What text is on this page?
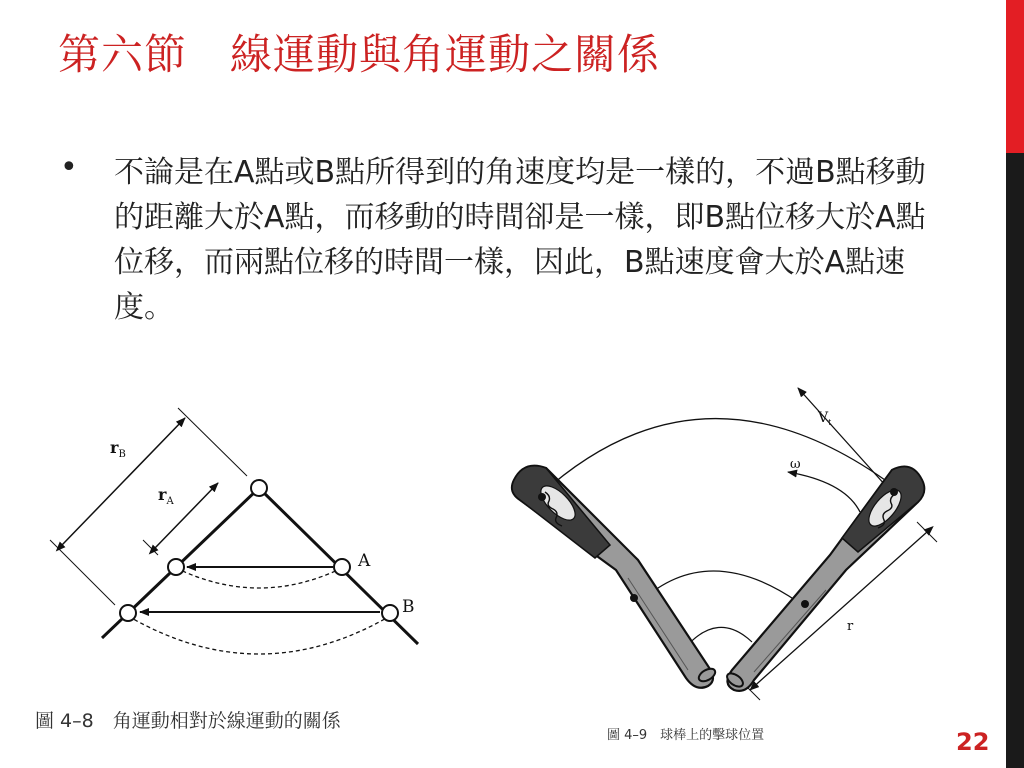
第六節　線運動與角運動之關係
• 不論是在A點或B點所得到的角速度均是一樣的，不過B點移動的距離大於A點，而移動的時間卻是一樣，即B點位移大於A點位移，而兩點位移的時間一樣，因此，B點速度會大於A點速度。
$r_B$
$r_A$
A
B
圖 4–8　角運動相對於線運動的關係
$V_t$
ω
r
圖 4–9　球棒上的擊球位置	22
